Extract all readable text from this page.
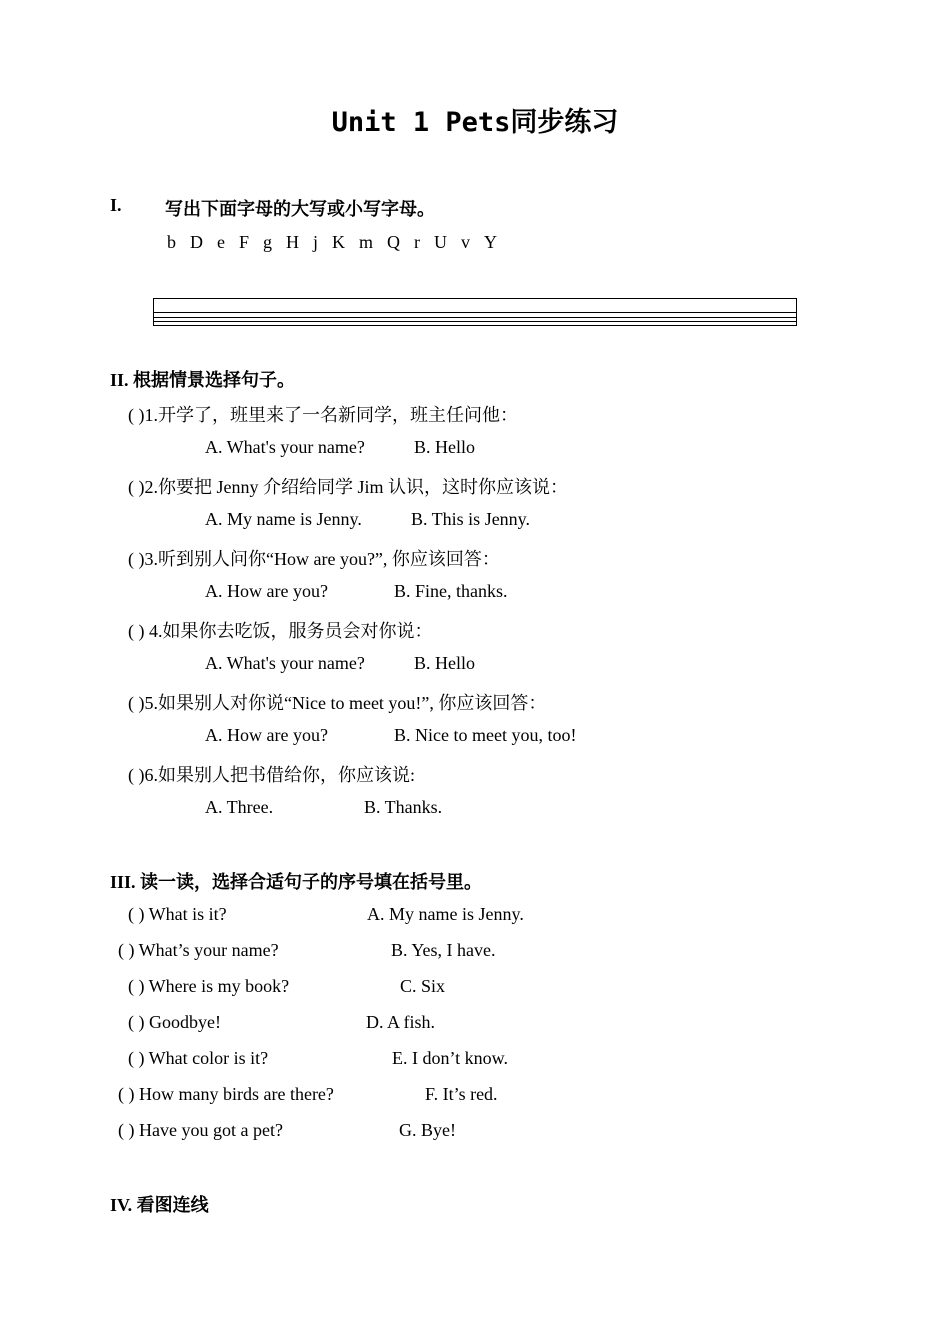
Unit 1 Pets同步练习
I. 写出下面字母的大写或小写字母。
b D e F g H j K m Q r U v Y
II. 根据情景选择句子。
( )1.开学了，班里来了一名新同学，班主任问他：
A. What's your name?	B. Hello
( )2.你要把 Jenny 介绍给同学 Jim 认识，这时你应该说：
A. My name is Jenny.	B. This is Jenny.
( )3.听到别人问你“How are you?”, 你应该回答：
A. How are you?	B. Fine, thanks.
( ) 4.如果你去吃饭，服务员会对你说：
A. What's your name?	B. Hello
( )5.如果别人对你说“Nice to meet you!”, 你应该回答：
A. How are you?	B. Nice to meet you, too!
( )6.如果别人把书借给你，你应该说:
A. Three.	B. Thanks.
III. 读一读，选择合适句子的序号填在括号里。
( ) What is it?	A. My name is Jenny.
( ) What’s your name?	B. Yes, I have.
( ) Where is my book?	C. Six
( ) Goodbye!	D. A fish.
( ) What color is it?	E. I don’t know.
( ) How many birds are there?	F. It’s red.
( ) Have you got a pet?	G. Bye!
IV. 看图连线
